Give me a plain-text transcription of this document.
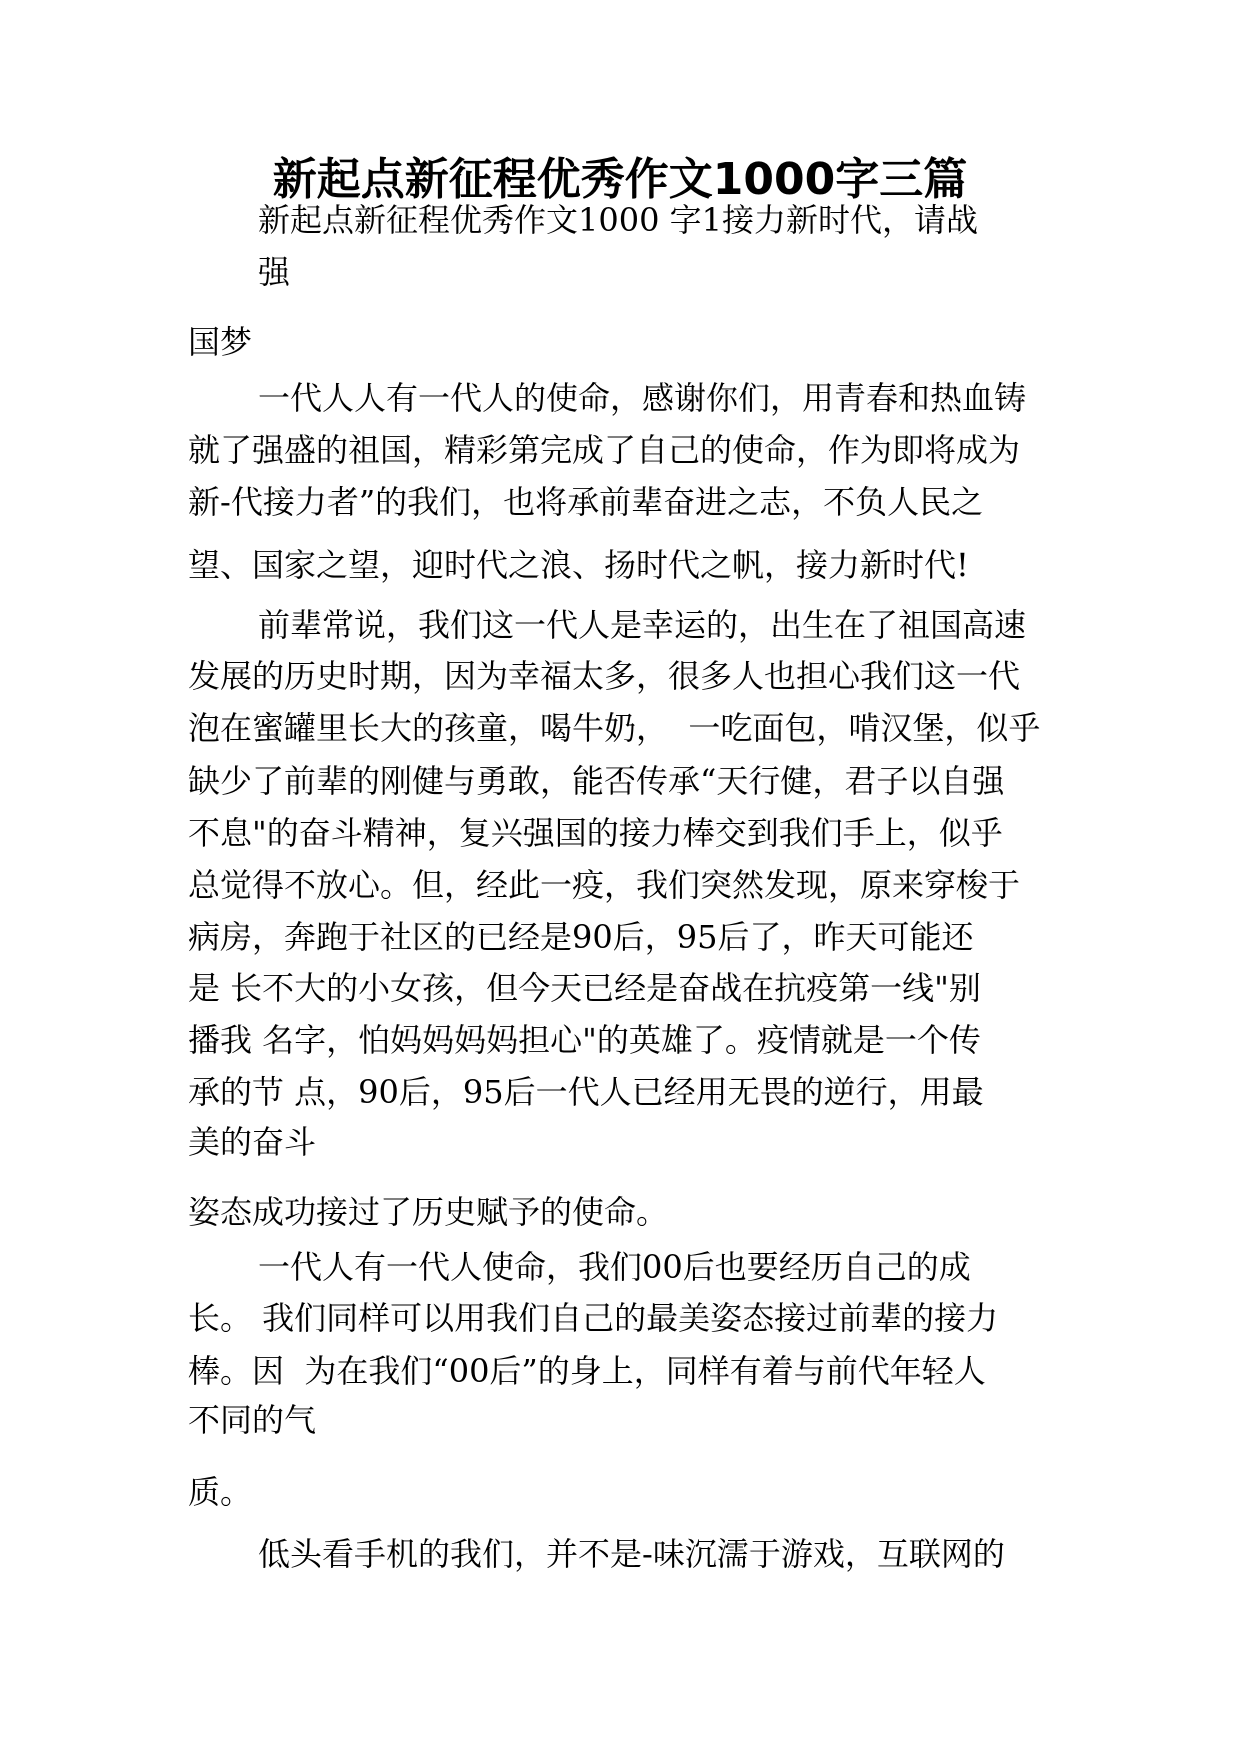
新起点新征程优秀作文1000字三篇
新起点新征程优秀作文1000 字1接力新时代，请战
强
国梦
一代人人有一代人的使命，感谢你们，用青春和热血铸
就了强盛的祖国，精彩第完成了自己的使命，作为即将成为
新-代接力者”的我们，也将承前辈奋进之志，不负人民之
望、国家之望，迎时代之浪、扬时代之帆，接力新时代!
前辈常说，我们这一代人是幸运的，出生在了祖国高速
发展的历史时期，因为幸福太多，很多人也担心我们这一代
泡在蜜罐里长大的孩童，喝牛奶，  一吃面包，啃汉堡，似乎
缺少了前辈的刚健与勇敢，能否传承“天行健，君子以自强
不息"的奋斗精神，复兴强国的接力棒交到我们手上，似乎
总觉得不放心。但，经此一疫，我们突然发现，原来穿梭于
病房，奔跑于社区的已经是90后，95后了，昨天可能还
是 长不大的小女孩，但今天已经是奋战在抗疫第一线"别
播我 名字，怕妈妈妈妈担心"的英雄了。疫情就是一个传
承的节 点，90后，95后一代人已经用无畏的逆行，用最
美的奋斗
姿态成功接过了历史赋予的使命。
一代人有一代人使命，我们00后也要经历自己的成
长。 我们同样可以用我们自己的最美姿态接过前辈的接力
棒。因  为在我们“00后”的身上，同样有着与前代年轻人
不同的气
质。
低头看手机的我们，并不是-味沉濡于游戏，互联网的
